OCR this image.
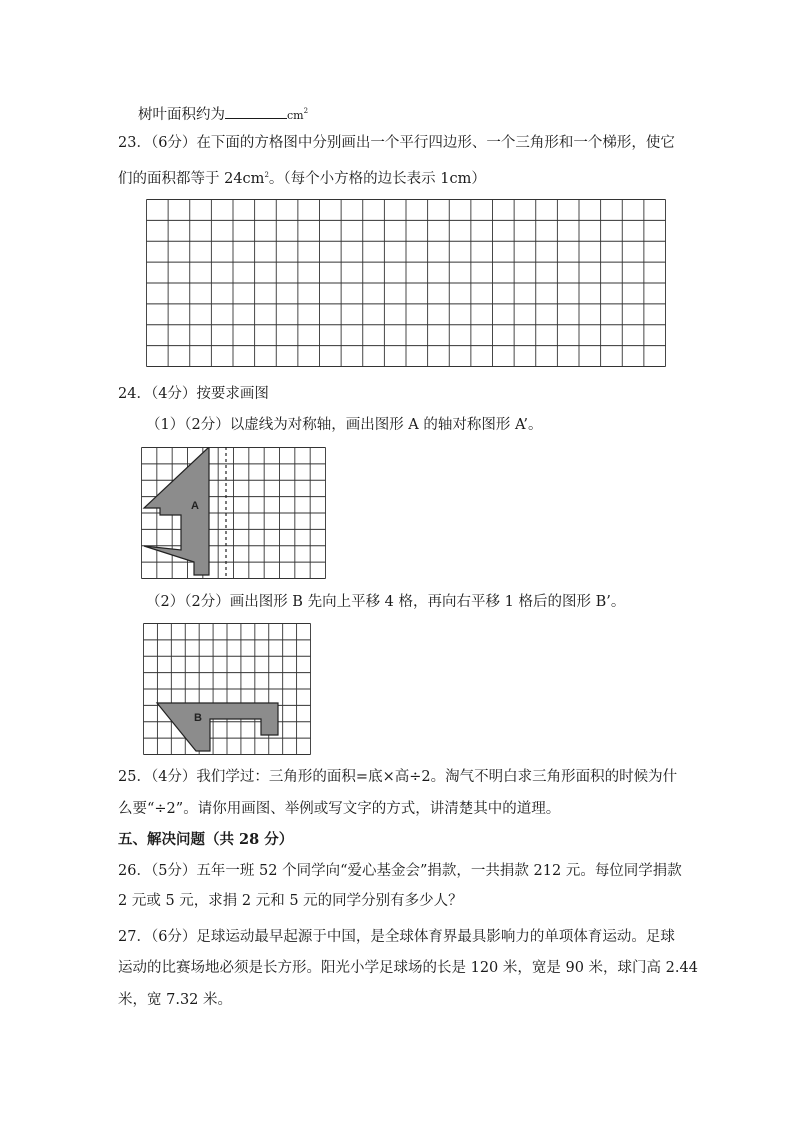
树叶面积约为	$cm^2$
23．（6分）在下面的方格图中分别画出一个平行四边形、一个三角形和一个梯形，使它
们的面积都等于 $24cm^2$。（每个小方格的边长表示 1cm）
24．（4分）按要求画图
（1）（2分）以虚线为对称轴，画出图形 A 的轴对称图形 A’。
A
（2）（2分）画出图形 B 先向上平移 4 格，再向右平移 1 格后的图形 B’。
B
25．（4分）我们学过：三角形的面积=底×高÷2。淘气不明白求三角形面积的时候为什
么要“÷2”。请你用画图、举例或写文字的方式，讲清楚其中的道理。
五、解决问题（共 28 分）
26．（5分）五年一班 52 个同学向“爱心基金会”捐款，一共捐款 212 元。每位同学捐款
2 元或 5 元，求捐 2 元和 5 元的同学分别有多少人？
27．（6分）足球运动最早起源于中国，是全球体育界最具影响力的单项体育运动。足球
运动的比赛场地必须是长方形。阳光小学足球场的长是 120 米，宽是 90 米，球门高 2.44
米，宽 7.32 米。
